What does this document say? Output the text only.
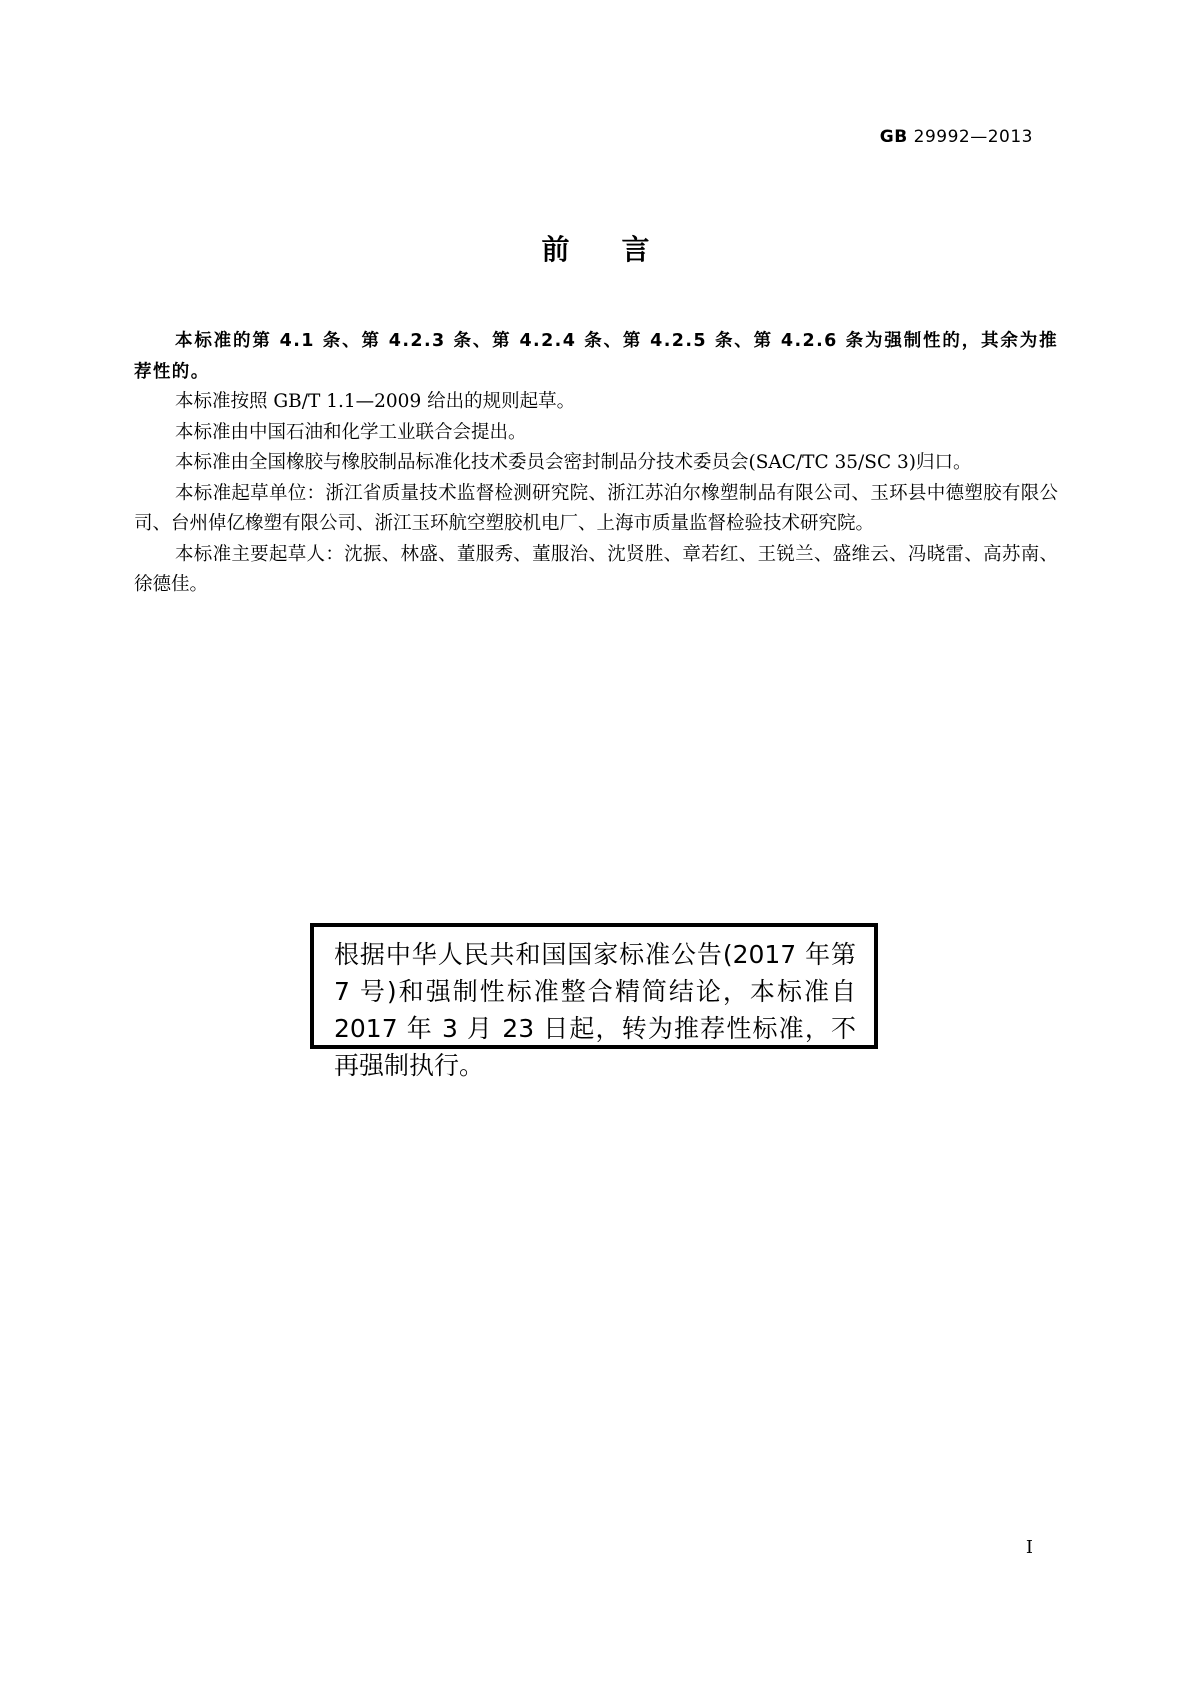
GB 29992—2013
前言

本标准的第 4.1 条、第 4.2.3 条、第 4.2.4 条、第 4.2.5 条、第 4.2.6 条为强制性的，其余为推荐性的。

本标准按照 GB/T 1.1—2009 给出的规则起草。

本标准由中国石油和化学工业联合会提出。

本标准由全国橡胶与橡胶制品标准化技术委员会密封制品分技术委员会(SAC/TC 35/SC 3)归口。

本标准起草单位：浙江省质量技术监督检测研究院、浙江苏泊尔橡塑制品有限公司、玉环县中德塑胶有限公司、台州倬亿橡塑有限公司、浙江玉环航空塑胶机电厂、上海市质量监督检验技术研究院。

本标准主要起草人：沈振、林盛、董服秀、董服治、沈贤胜、章若红、王锐兰、盛维云、冯晓雷、高苏南、徐德佳。

根据中华人民共和国国家标准公告(2017 年第 7 号)和强制性标准整合精简结论，本标准自 2017 年 3 月 23 日起，转为推荐性标准，不再强制执行。
I
